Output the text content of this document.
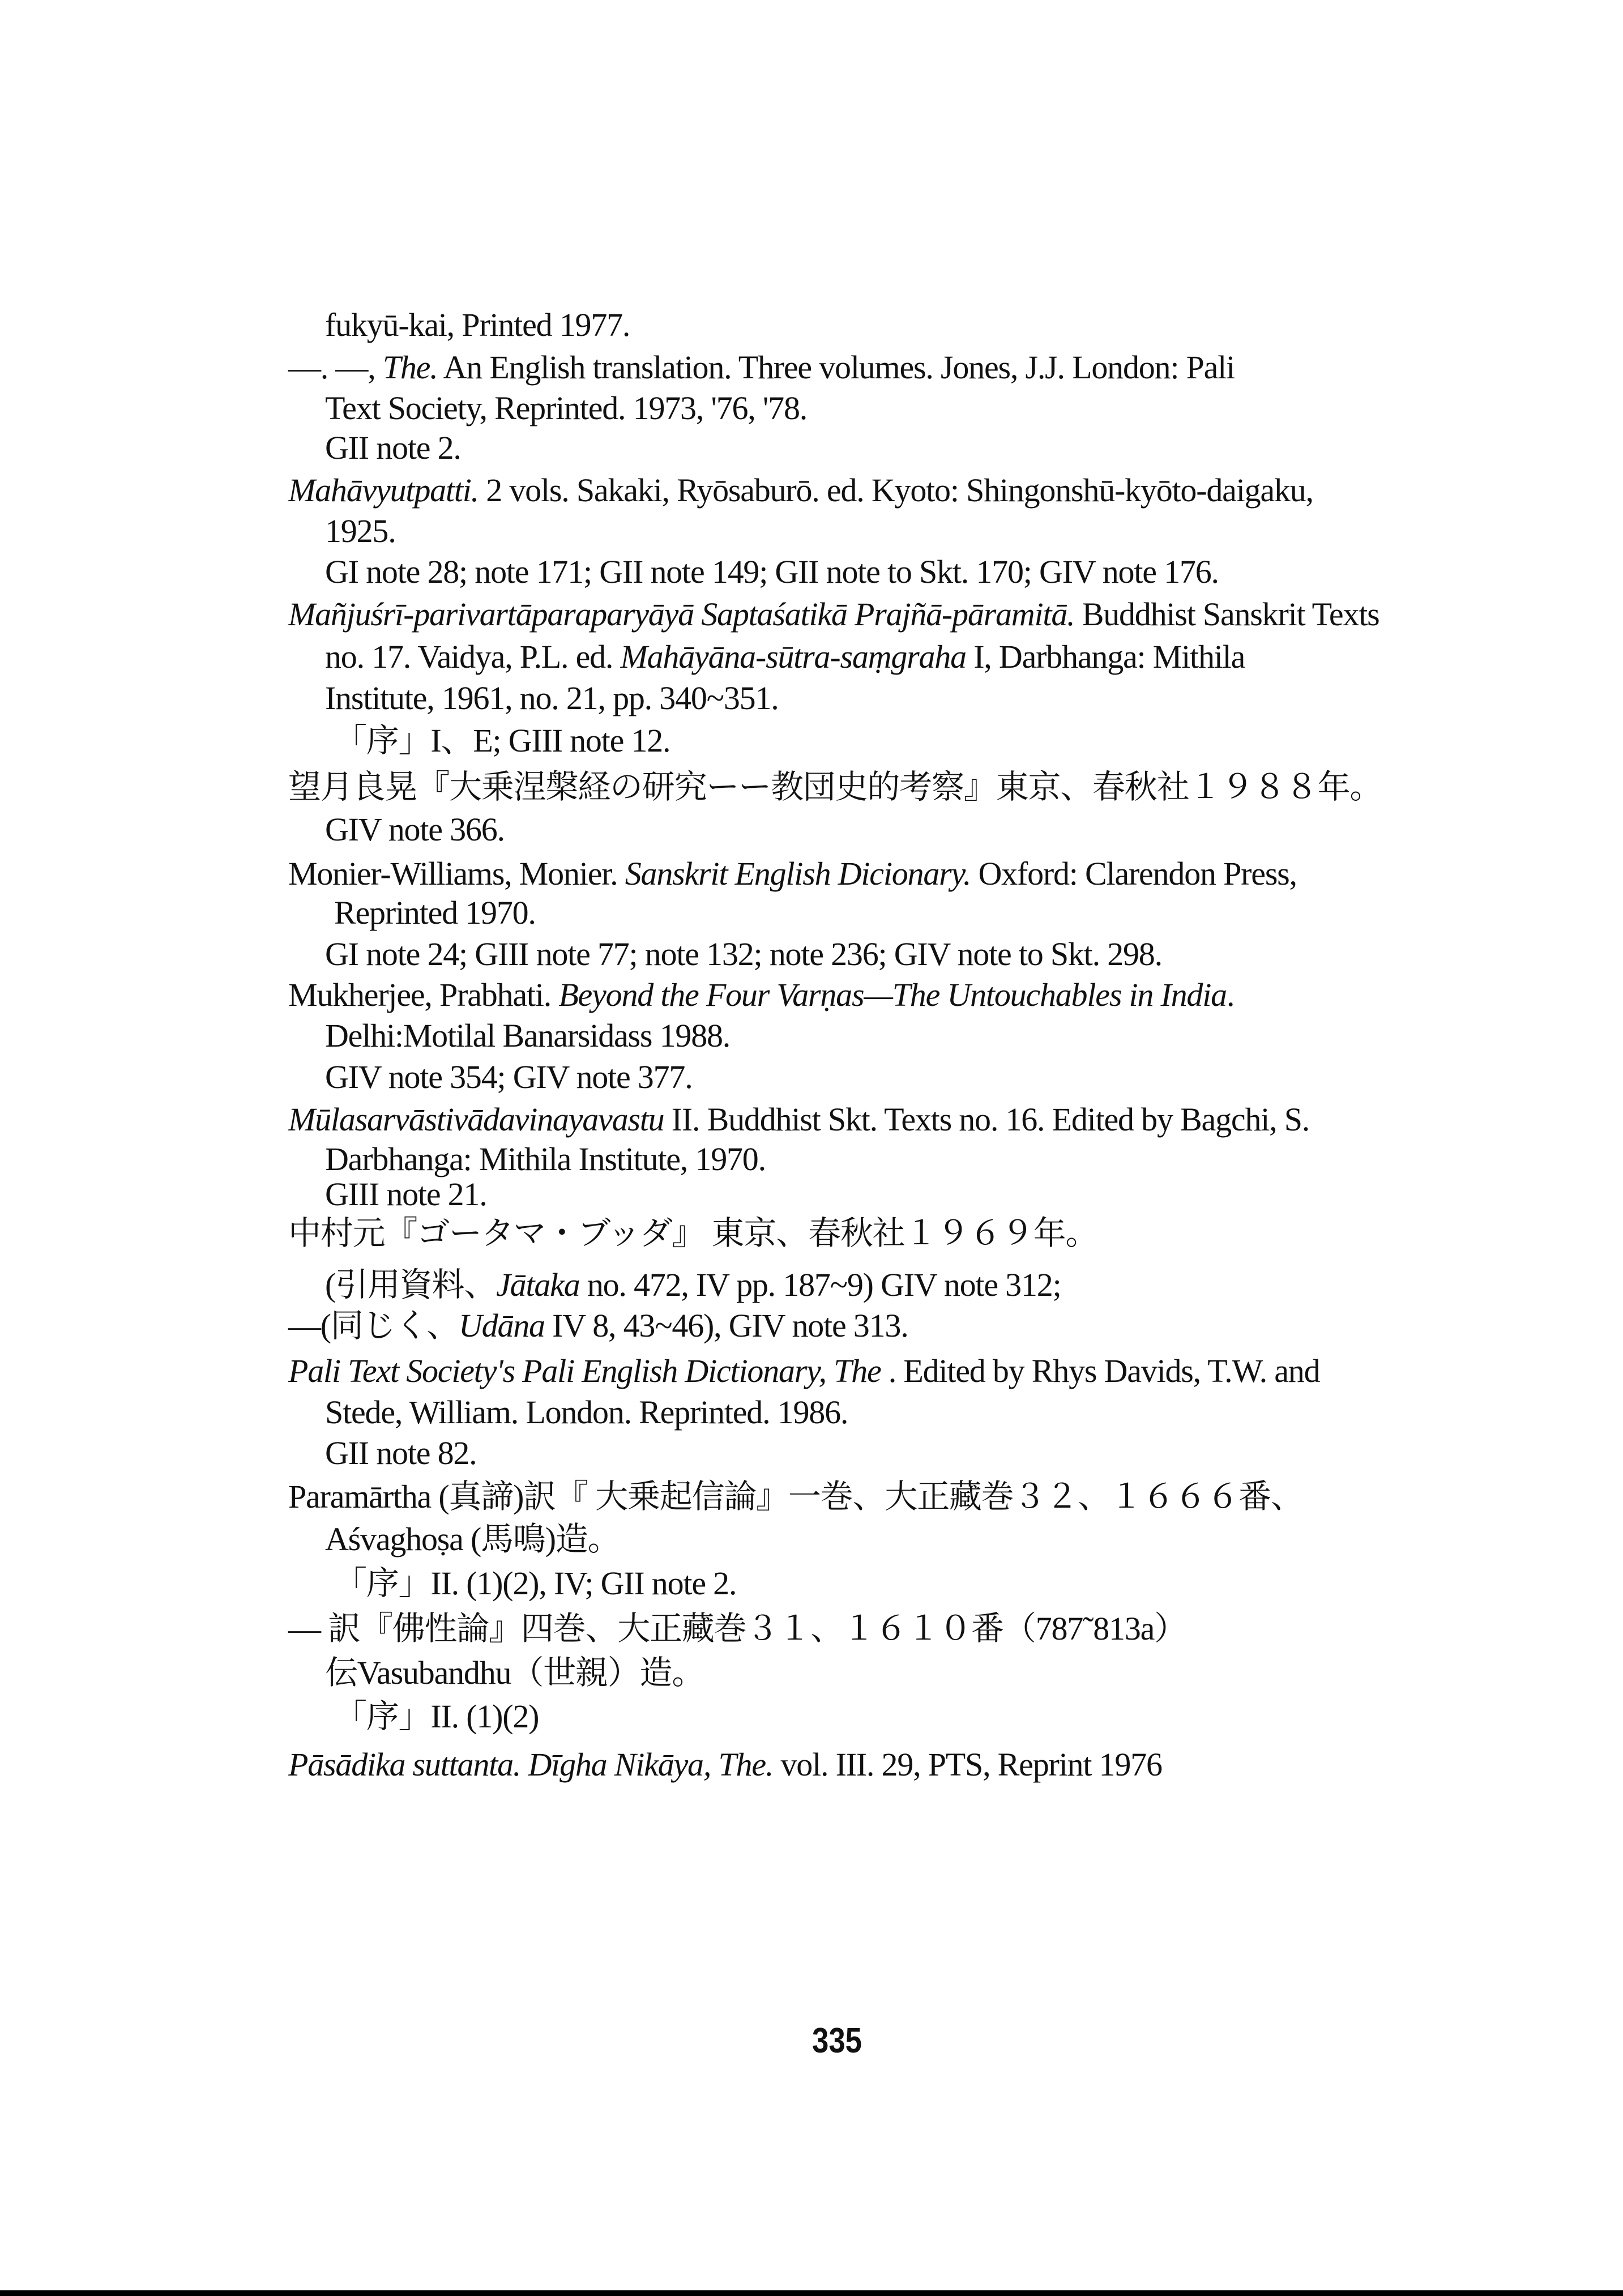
fukyū-kai, Printed 1977.
—. —, The. An English translation. Three volumes. Jones, J.J. London: Pali
Text Society, Reprinted. 1973, '76, '78.
GII note 2.
Mahāvyutpatti. 2 vols. Sakaki, Ryōsaburō. ed. Kyoto: Shingonshū-kyōto-daigaku,
1925.
GI note 28; note 171; GII note 149; GII note to Skt. 170; GIV note 176.
Mañjuśrī-parivartāparaparyāyā Saptaśatikā Prajñā-pāramitā. Buddhist Sanskrit Texts
no. 17. Vaidya, P.L. ed. Mahāyāna-sūtra-saṃgraha I, Darbhanga: Mithila
Institute, 1961, no. 21, pp. 340~351.
「序」I、E; GIII note 12.
望月良晃『大乗涅槃経の研究ーー教団史的考察』東京、春秋社１９８８年。
GIV note 366.
Monier-Williams, Monier. Sanskrit English Dicionary. Oxford: Clarendon Press,
Reprinted 1970.
GI note 24; GIII note 77; note 132; note 236; GIV note to Skt. 298.
Mukherjee, Prabhati. Beyond the Four Varṇas—The Untouchables in India.
Delhi:Motilal Banarsidass 1988.
GIV note 354; GIV note 377.
Mūlasarvāstivādavinayavastu II. Buddhist Skt. Texts no. 16. Edited by Bagchi, S.
Darbhanga: Mithila Institute, 1970.
GIII note 21.
中村元『ゴータマ・ブッダ』 東京、春秋社１９６９年。
(引用資料、Jātaka no. 472, IV pp. 187~9) GIV note 312;
—(同じく、Udāna IV 8, 43~46), GIV note 313.
Pali Text Society's Pali English Dictionary, The . Edited by Rhys Davids, T.W. and
Stede, William. London. Reprinted. 1986.
GII note 82.
Paramārtha (真諦)訳『 大乗起信論』一巻、大正藏巻３２、１６６６番、
Aśvaghoṣa (馬鳴)造。
「序」II. (1)(2), IV; GII note 2.
— 訳『佛性論』四巻、大正藏巻３１、１６１０番（787˜813a）
伝Vasubandhu（世親）造。
「序」II. (1)(2)
Pāsādika suttanta. Dīgha Nikāya, The. vol. III. 29, PTS, Reprint 1976
335
